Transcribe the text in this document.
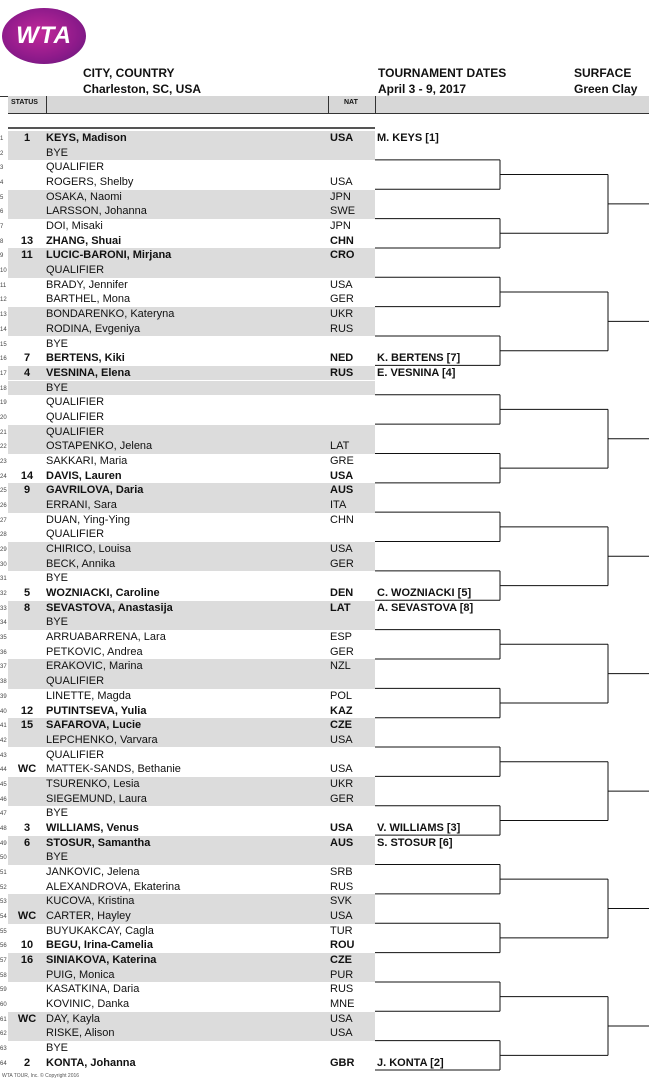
WTA
CITY, COUNTRY
Charleston, SC, USA
TOURNAMENT DATES
April 3 - 9, 2017
SURFACE
Green Clay
STATUS	NAT
1	1	KEYS, Madison	USA
2	BYE
3	QUALIFIER
4	ROGERS, Shelby	USA
5	OSAKA, Naomi	JPN
6	LARSSON, Johanna	SWE
7	DOI, Misaki	JPN
8	13	ZHANG, Shuai	CHN
9	11	LUCIC-BARONI, Mirjana	CRO
10	QUALIFIER
11	BRADY, Jennifer	USA
12	BARTHEL, Mona	GER
13	BONDARENKO, Kateryna	UKR
14	RODINA, Evgeniya	RUS
15	BYE
16	7	BERTENS, Kiki	NED
17	4	VESNINA, Elena	RUS
18	BYE
19	QUALIFIER
20	QUALIFIER
21	QUALIFIER
22	OSTAPENKO, Jelena	LAT
23	SAKKARI, Maria	GRE
24	14	DAVIS, Lauren	USA
25	9	GAVRILOVA, Daria	AUS
26	ERRANI, Sara	ITA
27	DUAN, Ying-Ying	CHN
28	QUALIFIER
29	CHIRICO, Louisa	USA
30	BECK, Annika	GER
31	BYE
32	5	WOZNIACKI, Caroline	DEN
33	8	SEVASTOVA, Anastasija	LAT
34	BYE
35	ARRUABARRENA, Lara	ESP
36	PETKOVIC, Andrea	GER
37	ERAKOVIC, Marina	NZL
38	QUALIFIER
39	LINETTE, Magda	POL
40	12	PUTINTSEVA, Yulia	KAZ
41	15	SAFAROVA, Lucie	CZE
42	LEPCHENKO, Varvara	USA
43	QUALIFIER
44	WC MATTEK-SANDS, Bethanie	USA
45	TSURENKO, Lesia	UKR
46	SIEGEMUND, Laura	GER
47	BYE
48	3	WILLIAMS, Venus	USA
49	6	STOSUR, Samantha	AUS
50	BYE
51	JANKOVIC, Jelena	SRB
52	ALEXANDROVA, Ekaterina	RUS
53	KUCOVA, Kristina	SVK
54	WC CARTER, Hayley	USA
55	BUYUKAKCAY, Cagla	TUR
56	10	BEGU, Irina-Camelia	ROU
57	16	SINIAKOVA, Katerina	CZE
58	PUIG, Monica	PUR
59	KASATKINA, Daria	RUS
60	KOVINIC, Danka	MNE
61	WC DAY, Kayla	USA
62	RISKE, Alison	USA
63	BYE
64	2	KONTA, Johanna	GBR
M. KEYS [1]
K. BERTENS [7]
E. VESNINA [4]
C. WOZNIACKI [5]
A. SEVASTOVA [8]
V. WILLIAMS [3]
S. STOSUR [6]
J. KONTA [2]
WTA TOUR, Inc. © Copyright 2016
